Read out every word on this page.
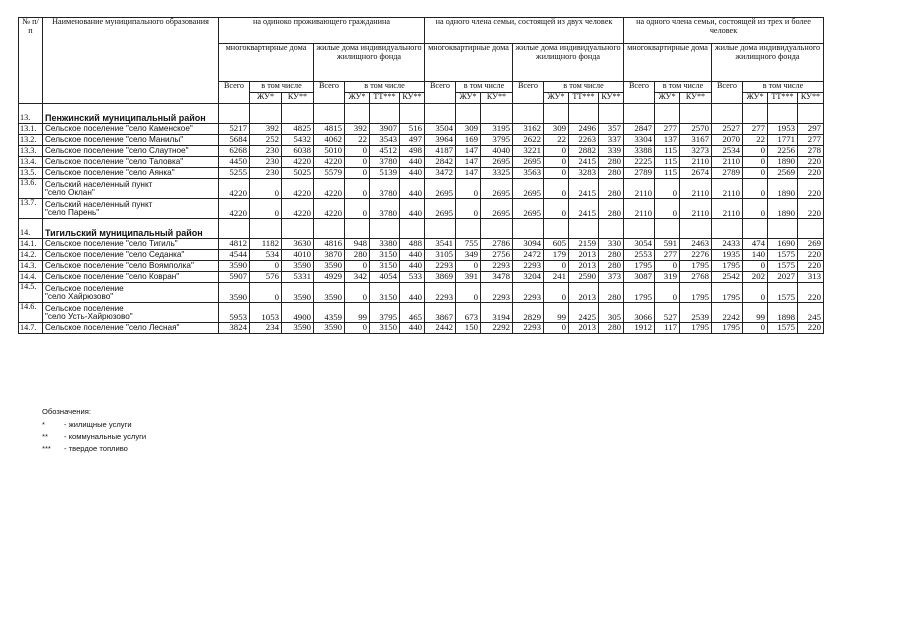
№ п/п	Наименование муниципального образования	на одиноко проживающего гражданина							на одного члена семьи, состоящей из двух человек							на одного члена семьи, состоящей из трех и более человек						
		многоквартирные дома			жилые дома индивидуального жилищного фонда				многоквартирные дома			жилые дома индивидуального жилищного фонда				многоквартирные дома			жилые дома индивидуального жилищного фонда			
		Всего	в том числе		Всего	в том числе			Всего	в том числе		Всего	в том числе			Всего	в том числе		Всего	в том числе		
			ЖУ*	КУ**		ЖУ*	ТТ***	КУ**		ЖУ*	КУ**		ЖУ*	ТТ***	КУ**		ЖУ*	КУ**		ЖУ*	ТТ***	КУ**
13.	Пенжинский муниципальный район																					
13.1.	Сельское поселение "село Каменское"	5217	392	4825	4815	392	3907	516	3504	309	3195	3162	309	2496	357	2847	277	2570	2527	277	1953	297
13.2.	Сельское поселение "село Манилы"	5684	252	5432	4062	22	3543	497	3964	169	3795	2622	22	2263	337	3304	137	3167	2070	22	1771	277
13.3.	Сельское поселение "село Слаутное"	6268	230	6038	5010	0	4512	498	4187	147	4040	3221	0	2882	339	3388	115	3273	2534	0	2256	278
13.4.	Сельское поселение "село Таловка"	4450	230	4220	4220	0	3780	440	2842	147	2695	2695	0	2415	280	2225	115	2110	2110	0	1890	220
13.5.	Сельское поселение "село Аянка"	5255	230	5025	5579	0	5139	440	3472	147	3325	3563	0	3283	280	2789	115	2674	2789	0	2569	220
13.6.	Сельский населенный пункт
"село Оклан"	4220	0	4220	4220	0	3780	440	2695	0	2695	2695	0	2415	280	2110	0	2110	2110	0	1890	220
13.7.	Сельский населенный пункт
"село Парень"	4220	0	4220	4220	0	3780	440	2695	0	2695	2695	0	2415	280	2110	0	2110	2110	0	1890	220
14.	Тигильский муниципальный район																					
14.1.	Сельское поселение "село Тигиль"	4812	1182	3630	4816	948	3380	488	3541	755	2786	3094	605	2159	330	3054	591	2463	2433	474	1690	269
14.2.	Сельское поселение "село Седанка"	4544	534	4010	3870	280	3150	440	3105	349	2756	2472	179	2013	280	2553	277	2276	1935	140	1575	220
14.3.	Сельское поселение "село Воямполка"	3590	0	3590	3590	0	3150	440	2293	0	2293	2293	0	2013	280	1795	0	1795	1795	0	1575	220
14.4.	Сельское поселение "село Ковран"	5907	576	5331	4929	342	4054	533	3869	391	3478	3204	241	2590	373	3087	319	2768	2542	202	2027	313
14.5.	Сельское поселение
"село Хайрюзово"	3590	0	3590	3590	0	3150	440	2293	0	2293	2293	0	2013	280	1795	0	1795	1795	0	1575	220
14.6.	Сельское поселение
"село Усть-Хайрюзово"	5953	1053	4900	4359	99	3795	465	3867	673	3194	2829	99	2425	305	3066	527	2539	2242	99	1898	245
14.7.	Сельское поселение "село Лесная"	3824	234	3590	3590	0	3150	440	2442	150	2292	2293	0	2013	280	1912	117	1795	1795	0	1575	220
Обозначения:
*	- жилищные услуги
** - коммунальные услуги
*** - твердое топливо
